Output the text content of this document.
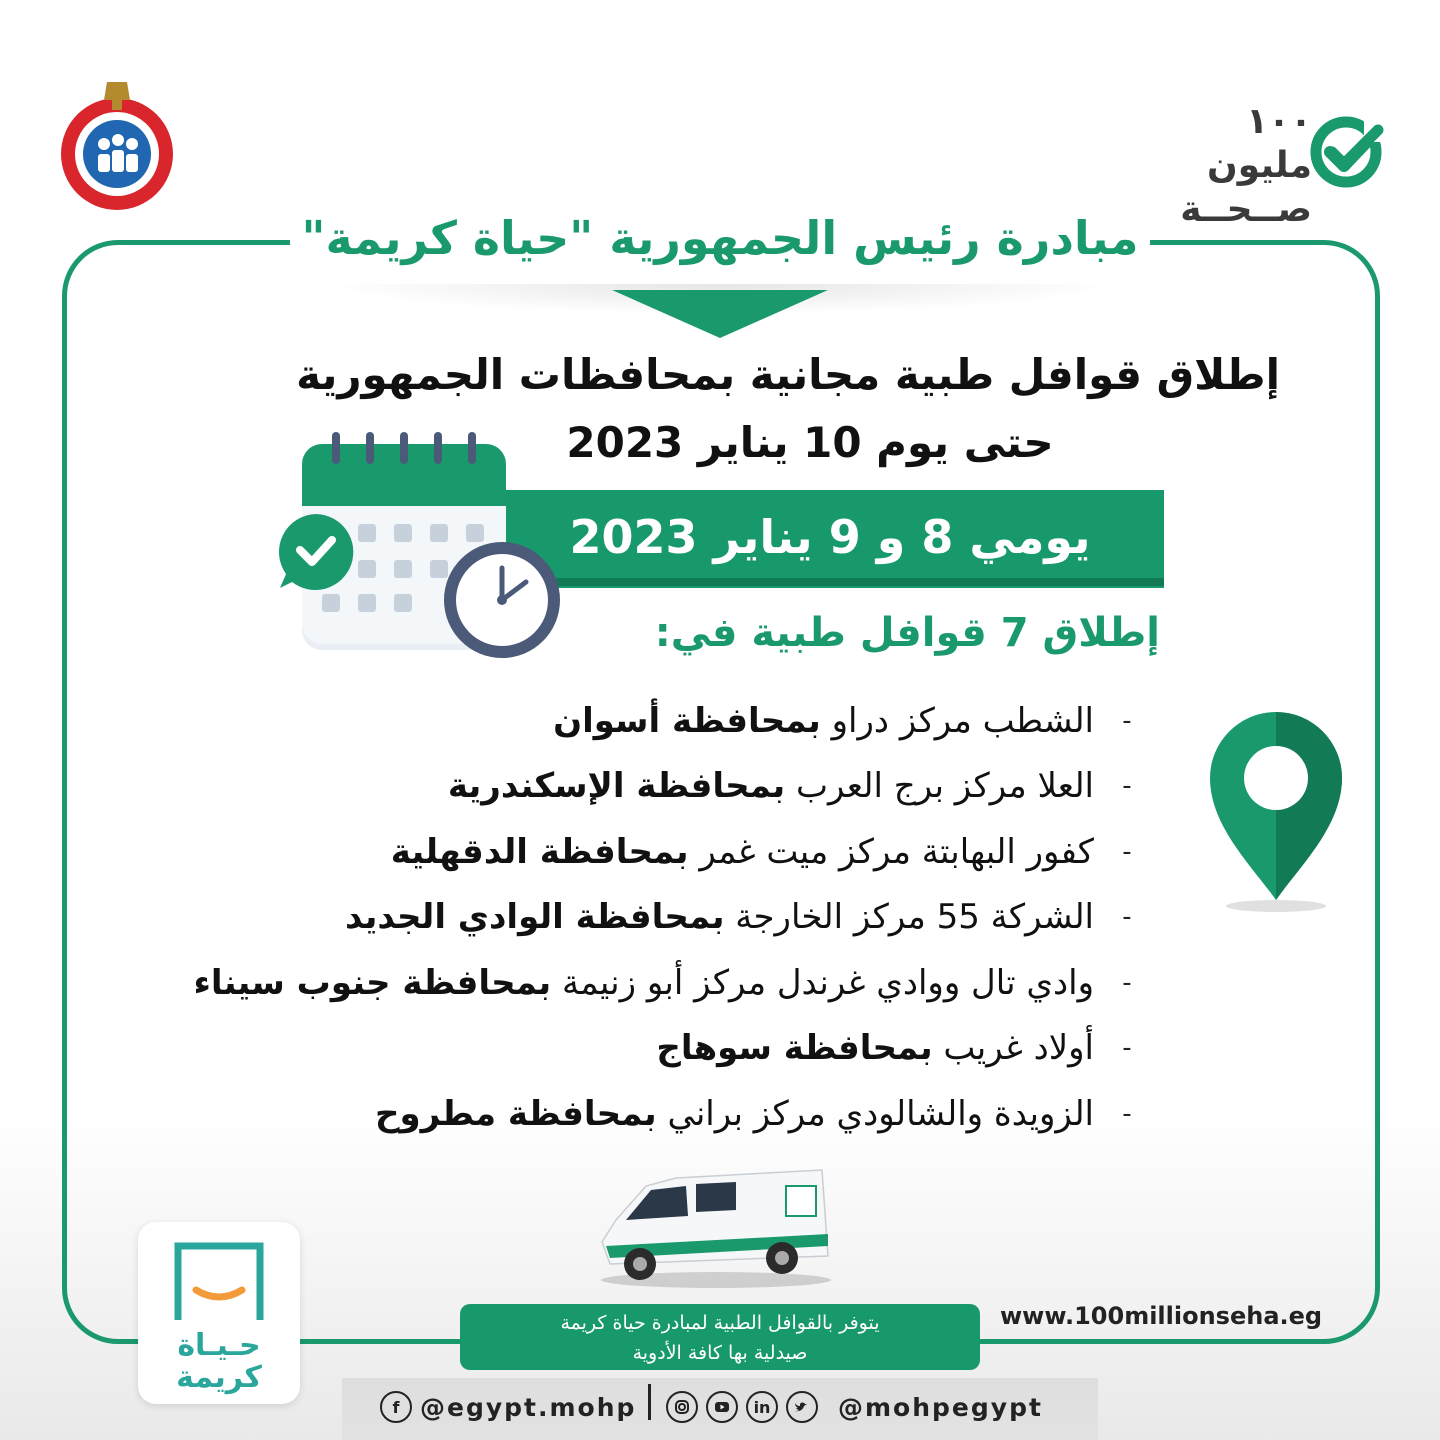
١٠٠ مليون
صــحــة
مبادرة رئيس الجمهورية "حياة كريمة"
إطلاق قوافل طبية مجانية بمحافظات الجمهورية
حتى يوم 10 يناير 2023
يومي 8 و 9 يناير 2023
إطلاق 7 قوافل طبية في:
-
الشطب مركز دراو بمحافظة أسوان
-
العلا مركز برج العرب بمحافظة الإسكندرية
-
كفور البهابتة مركز ميت غمر بمحافظة الدقهلية
-
الشركة 55 مركز الخارجة بمحافظة الوادي الجديد
-
وادي تال ووادي غرندل مركز أبو زنيمة بمحافظة جنوب سيناء
-
أولاد غريب بمحافظة سوهاج
-
الزويدة والشالودي مركز براني بمحافظة مطروح
حـيـاة
كريمة
يتوفر بالقوافل الطبية لمبادرة حياة كريمة
صيدلية بها كافة الأدوية
www.100millionseha.eg
f @egypt.mohp	in	@mohpegypt
